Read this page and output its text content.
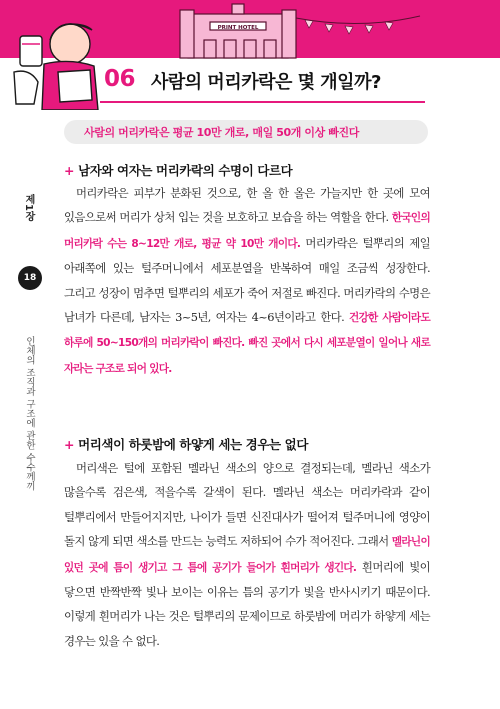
PRINT HOTEL
06 사람의 머리카락은 몇 개일까?
사람의 머리카락은 평균 10만 개로, 매일 50개 이상 빠진다
제1장
18
인체의 조직과 구조에 관한 수수께끼
+ 남자와 여자는 머리카락의 수명이 다르다
머리카락은 피부가 분화된 것으로, 한 올 한 올은 가늘지만 한 곳에 모여 있음으로써 머리가 상처 입는 것을 보호하고 보습을 하는 역할을 한다. 한국인의 머리카락 수는 8~12만 개로, 평균 약 10만 개이다. 머리카락은 털뿌리의 제일 아래쪽에 있는 털주머니에서 세포분열을 반복하여 매일 조금씩 성장한다. 그리고 성장이 멈추면 털뿌리의 세포가 죽어 저절로 빠진다. 머리카락의 수명은 남녀가 다른데, 남자는 3~5년, 여자는 4~6년이라고 한다. 건강한 사람이라도 하루에 50~150개의 머리카락이 빠진다. 빠진 곳에서 다시 세포분열이 일어나 새로 자라는 구조로 되어 있다.
+ 머리색이 하룻밤에 하얗게 세는 경우는 없다
머리색은 털에 포함된 멜라닌 색소의 양으로 결정되는데, 멜라닌 색소가 많을수록 검은색, 적을수록 갈색이 된다. 멜라닌 색소는 머리카락과 같이 털뿌리에서 만들어지지만, 나이가 들면 신진대사가 떨어져 털주머니에 영양이 돌지 않게 되면 색소를 만드는 능력도 저하되어 수가 적어진다. 그래서 멜라닌이 있던 곳에 틈이 생기고 그 틈에 공기가 들어가 흰머리가 생긴다. 흰머리에 빛이 닿으면 반짝반짝 빛나 보이는 이유는 틈의 공기가 빛을 반사시키기 때문이다. 이렇게 흰머리가 나는 것은 털뿌리의 문제이므로 하룻밤에 머리가 하얗게 세는 경우는 있을 수 없다.
